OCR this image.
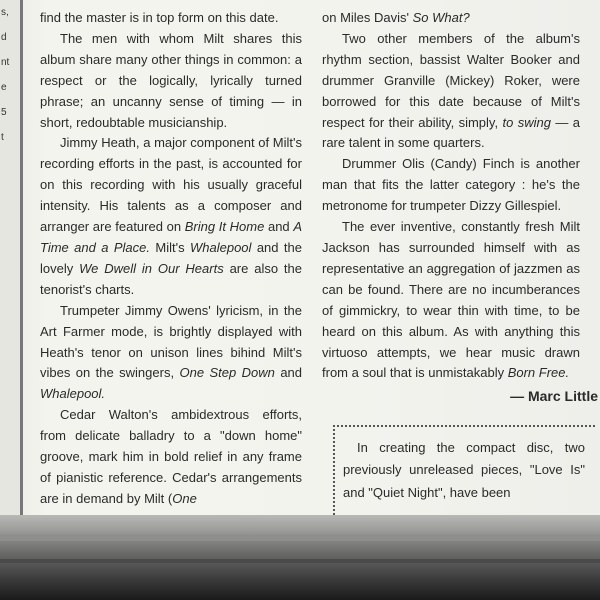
s,
d
nt
e
5
t

find the master is in top form on this date.

The men with whom Milt shares this album share many other things in common: a respect or the logically, lyrically turned phrase; an uncanny sense of timing — in short, redoubtable musicianship.

Jimmy Heath, a major component of Milt's recording efforts in the past, is accounted for on this recording with his usually graceful intensity. His talents as a composer and arranger are featured on Bring It Home and A Time and a Place. Milt's Whalepool and the lovely We Dwell in Our Hearts are also the tenorist's charts.

Trumpeter Jimmy Owens' lyricism, in the Art Farmer mode, is brightly displayed with Heath's tenor on unison lines bihind Milt's vibes on the swingers, One Step Down and Whalepool.

Cedar Walton's ambidextrous efforts, from delicate balladry to a "down home" groove, mark him in bold relief in any frame of pianistic reference. Cedar's arrangements are in demand by Milt (One

on Miles Davis' So What?

Two other members of the album's rhythm section, bassist Walter Booker and drummer Granville (Mickey) Roker, were borrowed for this date because of Milt's respect for their ability, simply, to swing — a rare talent in some quarters.

Drummer Olis (Candy) Finch is another man that fits the latter category : he's the metronome for trumpeter Dizzy Gillespiel.

The ever inventive, constantly fresh Milt Jackson has surrounded himself with as representative an aggregation of jazzmen as can be found. There are no incumberances of gimmickry, to wear thin with time, to be heard on this album. As with anything this virtuoso attempts, we hear music drawn from a soul that is unmistakably Born Free.

— Marc Little

In creating the compact disc, two previously unreleased pieces, "Love Is" and "Quiet Night", have been
